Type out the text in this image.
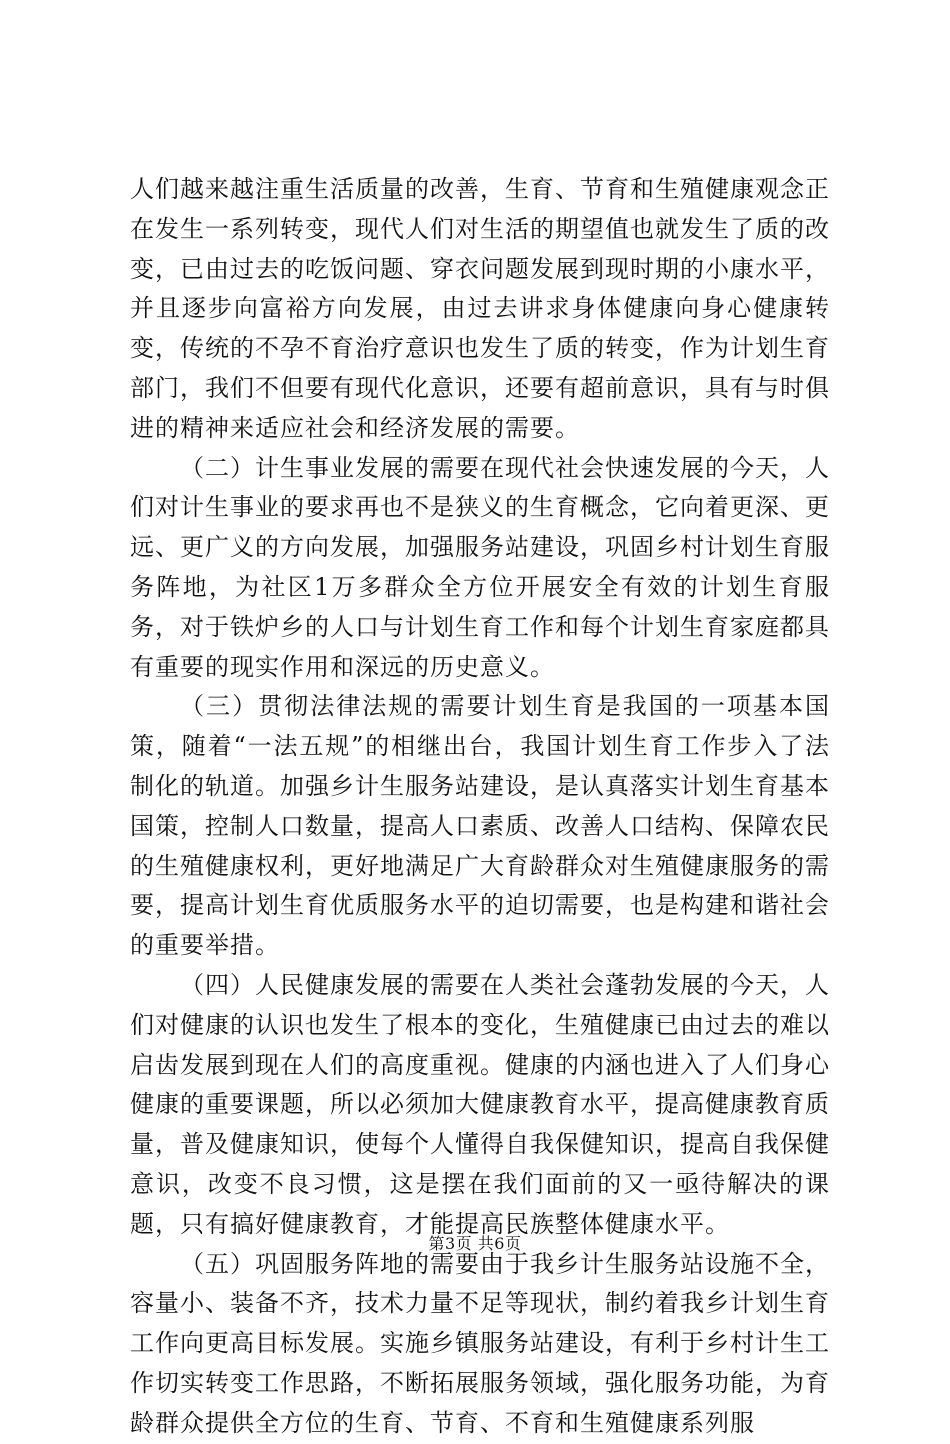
人们越来越注重生活质量的改善，生育、节育和生殖健康观念正在发生一系列转变，现代人们对生活的期望值也就发生了质的改变，已由过去的吃饭问题、穿衣问题发展到现时期的小康水平，并且逐步向富裕方向发展，由过去讲求身体健康向身心健康转变，传统的不孕不育治疗意识也发生了质的转变，作为计划生育部门，我们不但要有现代化意识，还要有超前意识，具有与时俱进的精神来适应社会和经济发展的需要。

（二）计生事业发展的需要在现代社会快速发展的今天，人们对计生事业的要求再也不是狭义的生育概念，它向着更深、更远、更广义的方向发展，加强服务站建设，巩固乡村计划生育服务阵地，为社区1万多群众全方位开展安全有效的计划生育服务，对于铁炉乡的人口与计划生育工作和每个计划生育家庭都具有重要的现实作用和深远的历史意义。

（三）贯彻法律法规的需要计划生育是我国的一项基本国策，随着“一法五规”的相继出台，我国计划生育工作步入了法制化的轨道。加强乡计生服务站建设，是认真落实计划生育基本国策，控制人口数量，提高人口素质、改善人口结构、保障农民的生殖健康权利，更好地满足广大育龄群众对生殖健康服务的需要，提高计划生育优质服务水平的迫切需要，也是构建和谐社会的重要举措。

（四）人民健康发展的需要在人类社会蓬勃发展的今天，人们对健康的认识也发生了根本的变化，生殖健康已由过去的难以启齿发展到现在人们的高度重视。健康的内涵也进入了人们身心健康的重要课题，所以必须加大健康教育水平，提高健康教育质量，普及健康知识，使每个人懂得自我保健知识，提高自我保健意识，改变不良习惯，这是摆在我们面前的又一亟待解决的课题，只有搞好健康教育，才能提高民族整体健康水平。

（五）巩固服务阵地的需要由于我乡计生服务站设施不全，容量小、装备不齐，技术力量不足等现状，制约着我乡计划生育工作向更高目标发展。实施乡镇服务站建设，有利于乡村计生工作切实转变工作思路，不断拓展服务领域，强化服务功能，为育龄群众提供全方位的生育、节育、不育和生殖健康系列服

第3页 共6页
